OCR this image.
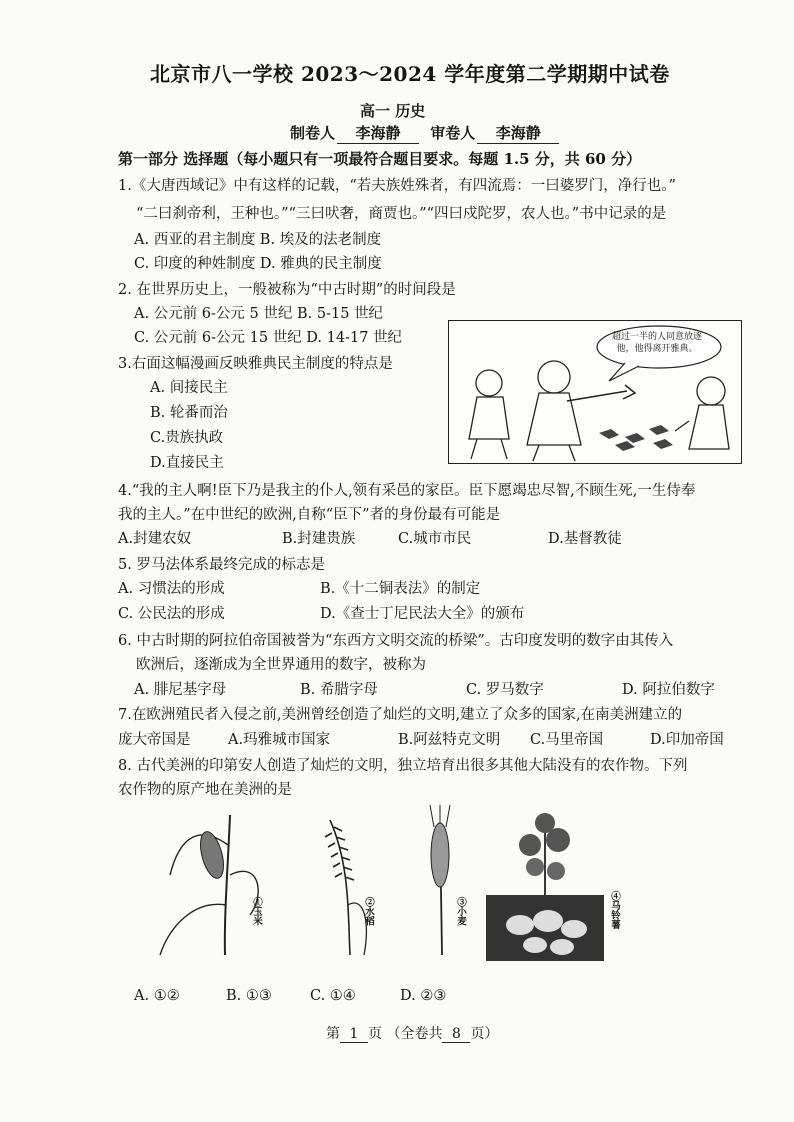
北京市八一学校 2023～2024 学年度第二学期期中试卷
高一 历史
制卷人 李海静 审卷人 李海静
第一部分 选择题（每小题只有一项最符合题目要求。每题 1.5 分，共 60 分）
1.《大唐西域记》中有这样的记载，“若夫族姓殊者，有四流焉：一曰婆罗门，净行也。”
“二曰刹帝利，王种也。”“三曰吠奢，商贾也。”“四曰戍陀罗，农人也。”书中记录的是
A. 西亚的君主制度 B. 埃及的法老制度
C. 印度的种姓制度 D. 雅典的民主制度
2. 在世界历史上，一般被称为“中古时期”的时间段是
A. 公元前 6-公元 5 世纪 B. 5-15 世纪
C. 公元前 6-公元 15 世纪 D. 14-17 世纪
3.右面这幅漫画反映雅典民主制度的特点是
A. 间接民主
B. 轮番而治
C.贵族执政
D.直接民主
超过一半的人同意放逐他，他得离开雅典。
4.“我的主人啊!臣下乃是我主的仆人,领有采邑的家臣。臣下愿竭忠尽智,不顾生死,一生侍奉
我的主人。”在中世纪的欧洲,自称“臣下”者的身份最有可能是
A.封建农奴	B.封建贵族	C.城市市民	D.基督教徒
5. 罗马法体系最终完成的标志是
A. 习惯法的形成	B.《十二铜表法》的制定
C. 公民法的形成	D.《查士丁尼民法大全》的颁布
6. 中古时期的阿拉伯帝国被誉为“东西方文明交流的桥梁”。古印度发明的数字由其传入
欧洲后，逐渐成为全世界通用的数字，被称为
A. 腓尼基字母	B. 希腊字母	C. 罗马数字	D. 阿拉伯数字
7.在欧洲殖民者入侵之前,美洲曾经创造了灿烂的文明,建立了众多的国家,在南美洲建立的
庞大帝国是	A.玛雅城市国家	B.阿兹特克文明 C.马里帝国	D.印加帝国
8. 古代美洲的印第安人创造了灿烂的文明，独立培育出很多其他大陆没有的农作物。下列
农作物的原产地在美洲的是
①玉米	②水稻	③小麦	④马铃薯
A. ①②	B. ①③	C. ①④	D. ②③
第 1 页 （全卷共 8 页）
